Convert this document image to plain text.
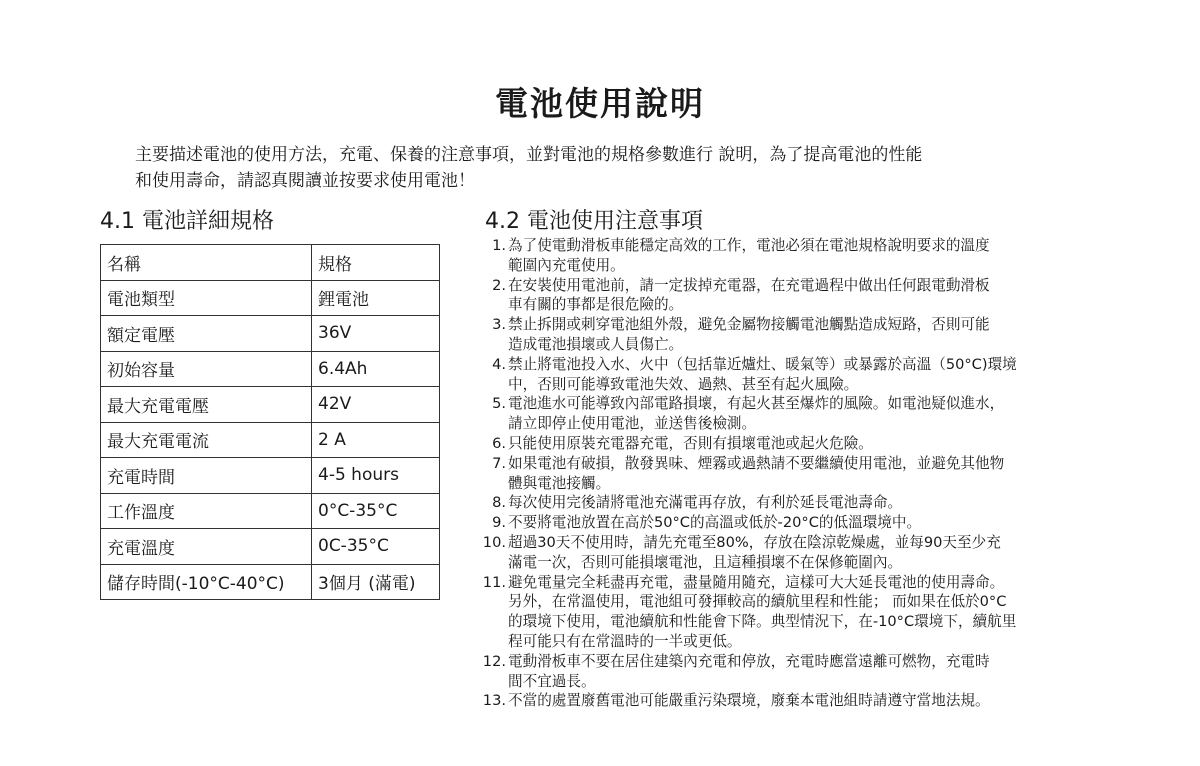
電池使用說明

主要描述電池的使用方法，充電、保養的注意事項，並對電池的規格參數進行 說明，為了提高電池的性能

和使用壽命，請認真閱讀並按要求使用電池！

4.1 電池詳細規格
名稱	規格
電池類型	鋰電池
額定電壓	36V
初始容量	6.4Ah
最大充電電壓	42V
最大充電電流	2 A
充電時間	4-5 hours
工作溫度	0°C-35°C
充電溫度	0C-35°C
儲存時間(-10°C-40°C)	3個月 (滿電)
4.2 電池使用注意事項
1. 為了使電動滑板車能穩定高效的工作，電池必須在電池規格說明要求的溫度
範圍內充電使用。
2. 在安裝使用電池前，請一定拔掉充電器，在充電過程中做出任何跟電動滑板
車有關的事都是很危險的。
3. 禁止拆開或刺穿電池組外殼，避免金屬物接觸電池觸點造成短路，否則可能
造成電池損壞或人員傷亡。
4. 禁止將電池投入水、火中（包括靠近爐灶、暖氣等）或暴露於高溫（50°C)環境
中，否則可能導致電池失效、過熱、甚至有起火風險。
5. 電池進水可能導致內部電路損壞，有起火甚至爆炸的風險。如電池疑似進水，
請立即停止使用電池，並送售後檢測。
6. 只能使用原裝充電器充電，否則有損壞電池或起火危險。
7. 如果電池有破損，散發異味、煙霧或過熱請不要繼續使用電池，並避免其他物
體與電池接觸。
8. 每次使用完後請將電池充滿電再存放，有利於延長電池壽命。
9. 不要將電池放置在高於50°C的高溫或低於-20°C的低溫環境中。
10. 超過30天不使用時，請先充電至80%，存放在陰涼乾燥處，並每90天至少充
滿電一次，否則可能損壞電池，且這種損壞不在保修範圍內。
11. 避免電量完全耗盡再充電，盡量隨用隨充，這樣可大大延長電池的使用壽命。
另外，在常溫使用，電池組可發揮較高的續航里程和性能； 而如果在低於0°C
的環境下使用，電池續航和性能會下降。典型情況下，在-10°C環境下，續航里
程可能只有在常溫時的一半或更低。
12. 電動滑板車不要在居住建築內充電和停放，充電時應當遠離可燃物，充電時
間不宜過長。
13. 不當的處置廢舊電池可能嚴重污染環境，廢棄本電池組時請遵守當地法規。
